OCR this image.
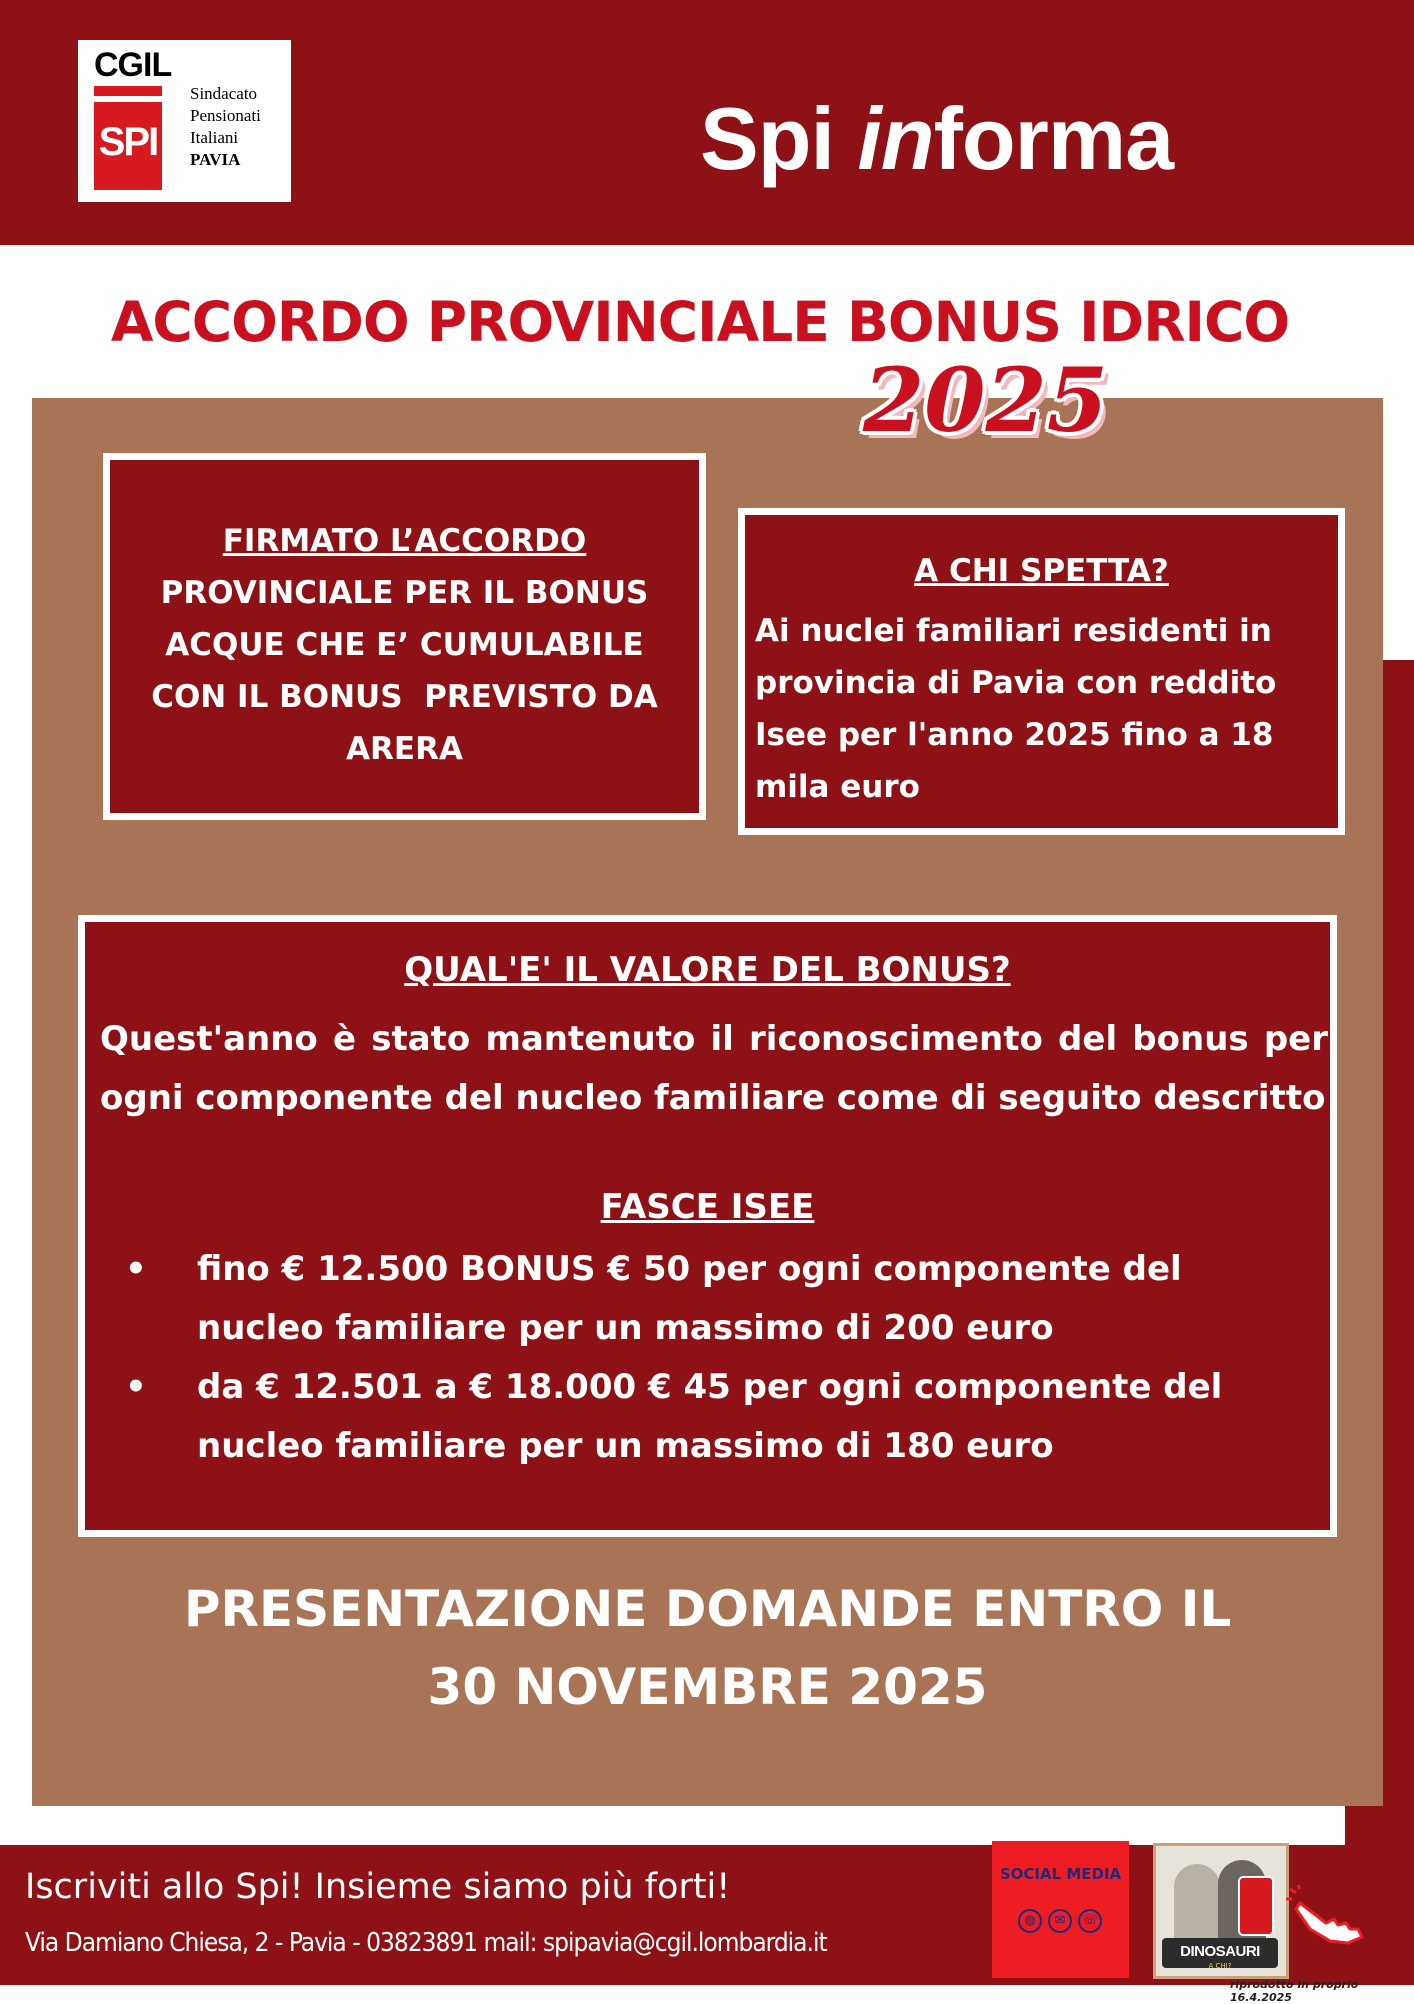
CGIL
SPI
Sindacato
Pensionati
Italiani
PAVIA	Spi informa
ACCORDO PROVINCIALE BONUS IDRICO
2025
FIRMATO L’ACCORDO
PROVINCIALE PER IL BONUS
ACQUE CHE E’ CUMULABILE
CON IL BONUS  PREVISTO DA
ARERA
A CHI SPETTA?
Ai nuclei familiari residenti in
provincia di Pavia con reddito
Isee per l'anno 2025 fino a 18
mila euro
QUAL'E' IL VALORE DEL BONUS?
Quest'anno è stato mantenuto il riconoscimento del bonus per ogni componente del nucleo familiare come di seguito descritto
FASCE ISEE
• fino € 12.500 BONUS € 50 per ogni componente del nucleo familiare per un massimo di 200 euro
• da € 12.501 a € 18.000 € 45 per ogni componente del nucleo familiare per un massimo di 180 euro
PRESENTAZIONE DOMANDE ENTRO IL
30 NOVEMBRE 2025
Iscriviti allo Spi! Insieme siamo più forti!
Via Damiano Chiesa, 2 - Pavia - 03823891 mail: spipavia@cgil.lombardia.it
SOCIAL MEDIA
◍	✉	☏
DINOSAURI
A CHI?
riprodotto in proprio 16.4.2025
